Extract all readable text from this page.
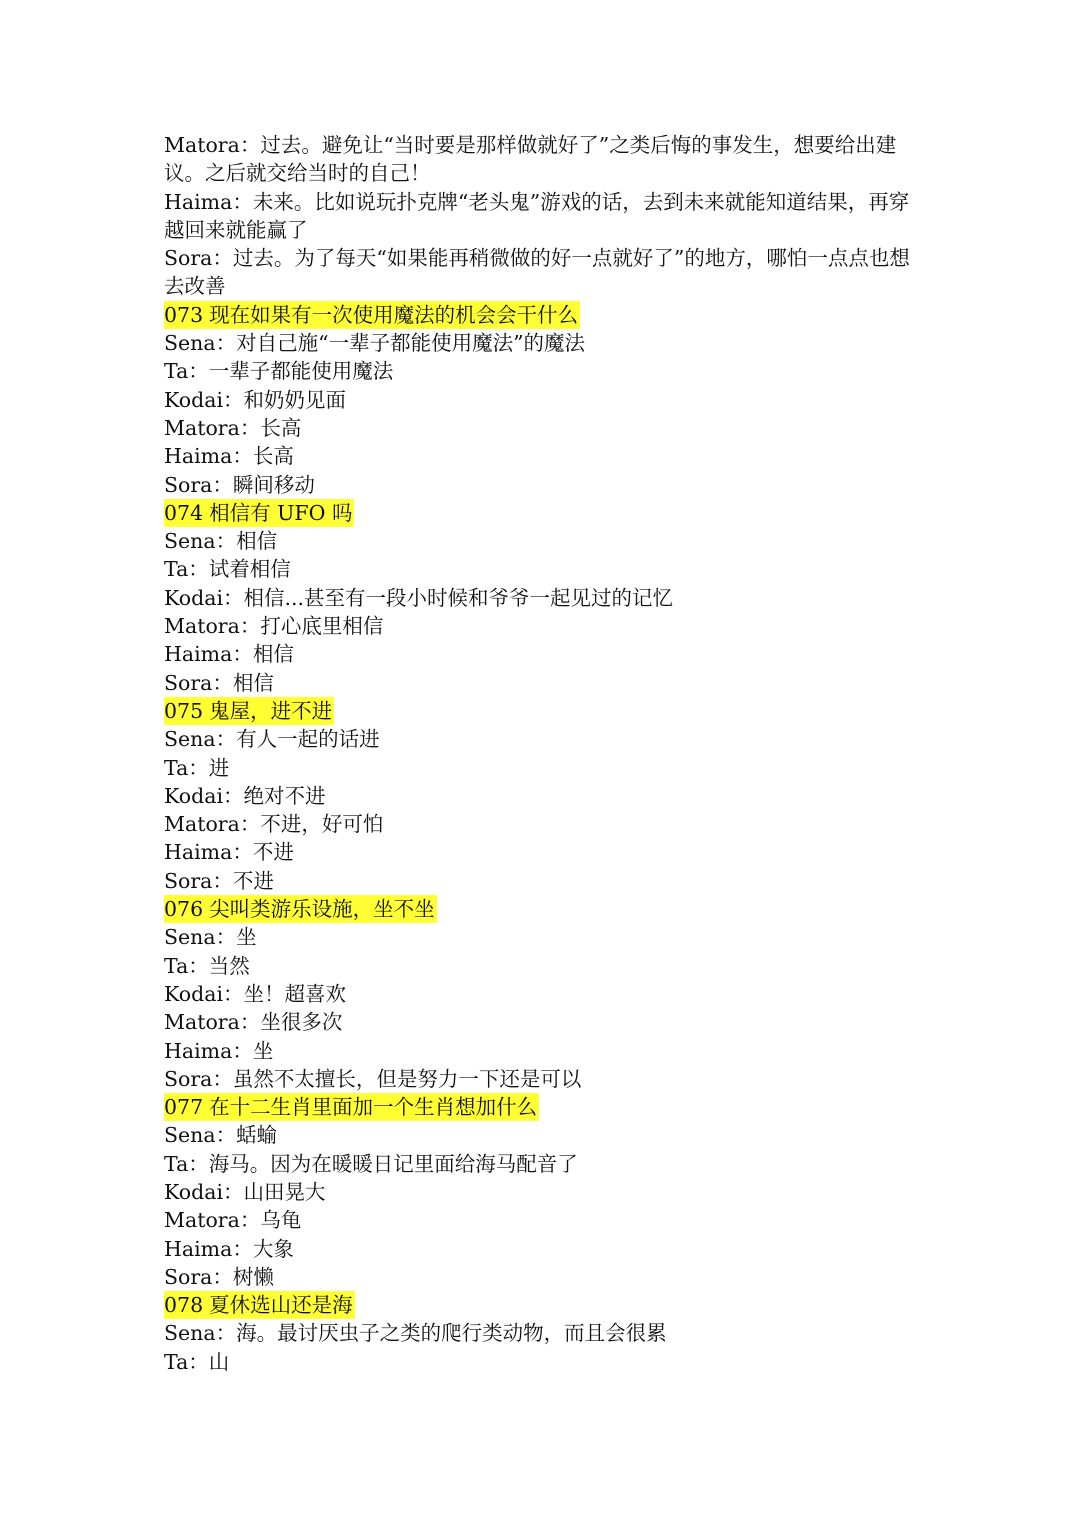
Matora：过去。避免让“当时要是那样做就好了”之类后悔的事发生，想要给出建议。之后就交给当时的自己！
Haima：未来。比如说玩扑克牌“老头鬼”游戏的话，去到未来就能知道结果，再穿越回来就能赢了
Sora：过去。为了每天“如果能再稍微做的好一点就好了”的地方，哪怕一点点也想去改善
073 现在如果有一次使用魔法的机会会干什么
Sena：对自己施“一辈子都能使用魔法”的魔法
Ta：一辈子都能使用魔法
Kodai：和奶奶见面
Matora：长高
Haima：长高
Sora：瞬间移动
074 相信有 UFO 吗
Sena：相信
Ta：试着相信
Kodai：相信...甚至有一段小时候和爷爷一起见过的记忆
Matora：打心底里相信
Haima：相信
Sora：相信
075 鬼屋，进不进
Sena：有人一起的话进
Ta：进
Kodai：绝对不进
Matora：不进，好可怕
Haima：不进
Sora：不进
076 尖叫类游乐设施，坐不坐
Sena：坐
Ta：当然
Kodai：坐！超喜欢
Matora：坐很多次
Haima：坐
Sora：虽然不太擅长，但是努力一下还是可以
077 在十二生肖里面加一个生肖想加什么
Sena：蛞蝓
Ta：海马。因为在暖暖日记里面给海马配音了
Kodai：山田晃大
Matora：乌龟
Haima：大象
Sora：树懒
078 夏休选山还是海
Sena：海。最讨厌虫子之类的爬行类动物，而且会很累
Ta：山
